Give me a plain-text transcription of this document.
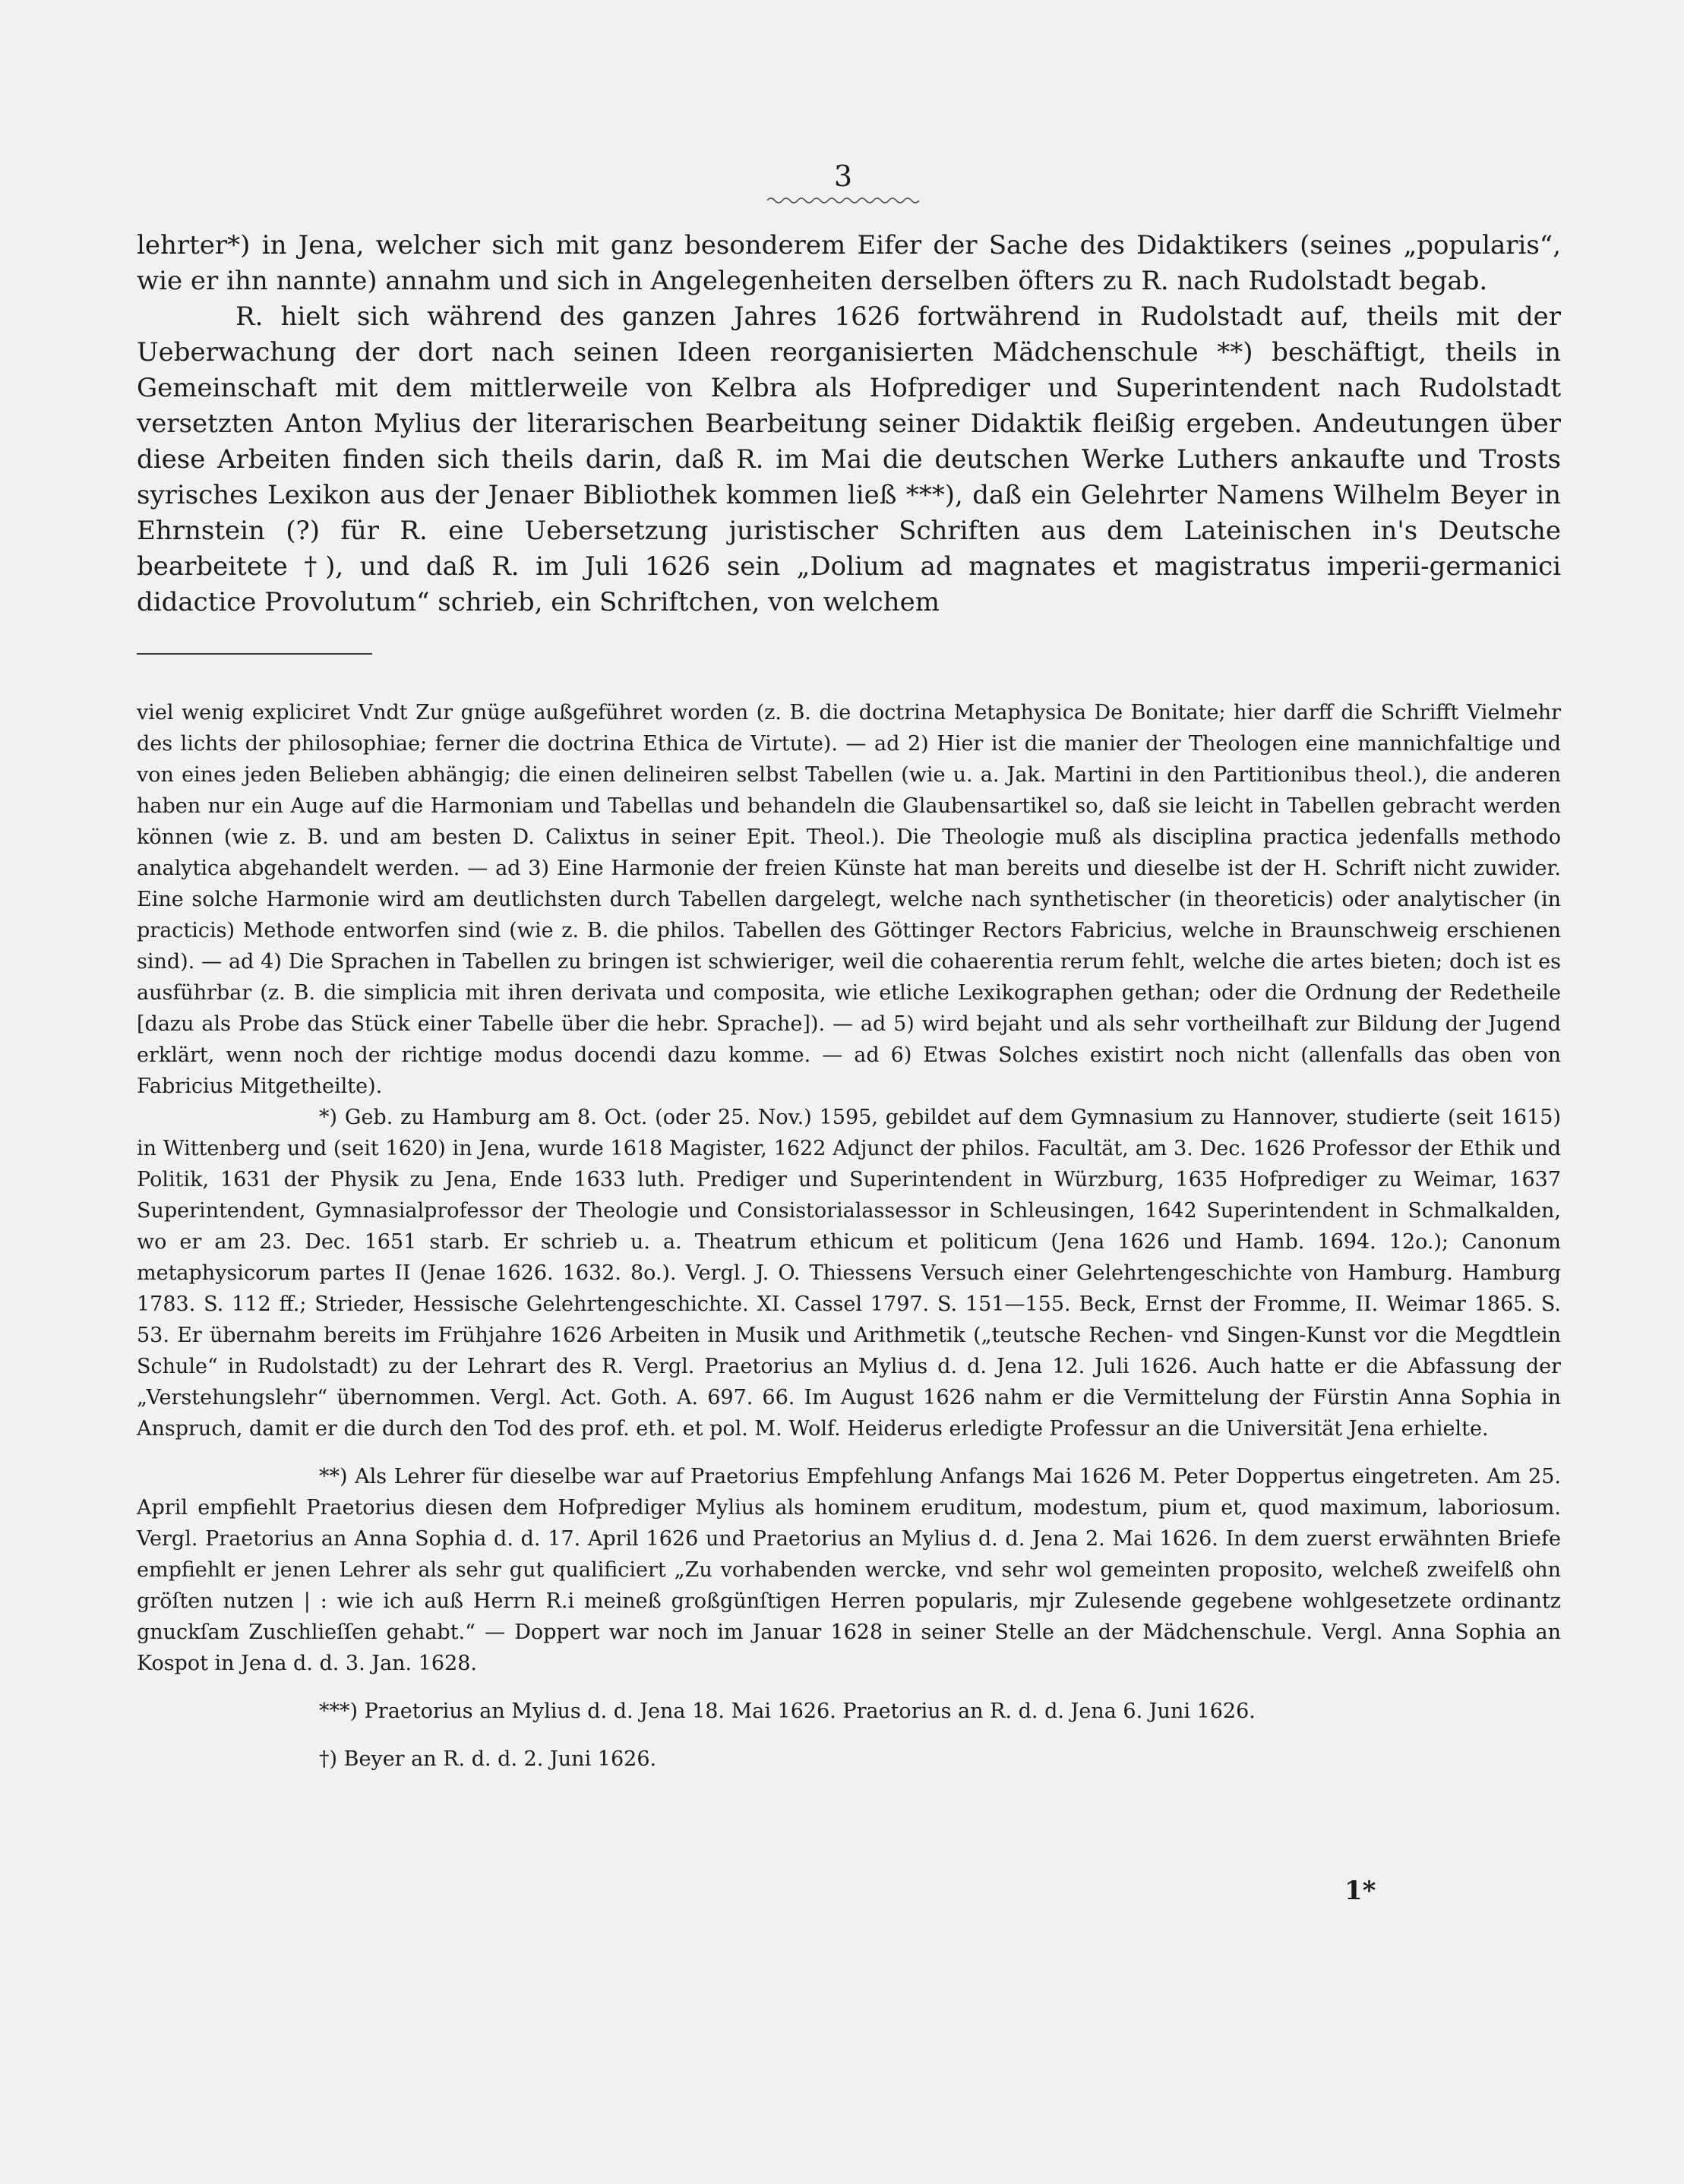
3

lehrter*) in Jena, welcher sich mit ganz besonderem Eifer der Sache des Didaktikers (seines „popularis“, wie er ihn nannte) annahm und sich in Angelegenheiten derselben öfters zu R. nach Rudolstadt begab.

R. hielt sich während des ganzen Jahres 1626 fortwährend in Rudolstadt auf, theils mit der Ueberwachung der dort nach seinen Ideen reorganisierten Mädchenschule **) beschäftigt, theils in Gemeinschaft mit dem mittlerweile von Kelbra als Hofprediger und Superintendent nach Rudolstadt versetzten Anton Mylius der literarischen Bearbeitung seiner Didaktik fleißig ergeben. Andeutungen über diese Arbeiten finden sich theils darin, daß R. im Mai die deutschen Werke Luthers ankaufte und Trosts syrisches Lexikon aus der Jenaer Bibliothek kommen ließ ***), daß ein Gelehrter Namens Wilhelm Beyer in Ehrnstein (?) für R. eine Uebersetzung juristischer Schriften aus dem Lateinischen in's Deutsche bearbeitete †), und daß R. im Juli 1626 sein „Dolium ad magnates et magistratus imperii-germanici didactice Provolutum“ schrieb, ein Schriftchen, von welchem

viel wenig expliciret Vndt Zur gnüge außgeführet worden (z. B. die doctrina Metaphysica De Bonitate; hier darff die Schrifft Vielmehr des lichts der philosophiae; ferner die doctrina Ethica de Virtute). — ad 2) Hier ist die manier der Theologen eine mannichfaltige und von eines jeden Belieben abhängig; die einen delineiren selbst Tabellen (wie u. a. Jak. Martini in den Partitionibus theol.), die anderen haben nur ein Auge auf die Harmoniam und Tabellas und behandeln die Glaubensartikel so, daß sie leicht in Tabellen gebracht werden können (wie z. B. und am besten D. Calixtus in seiner Epit. Theol.). Die Theologie muß als disciplina practica jedenfalls methodo analytica abgehandelt werden. — ad 3) Eine Harmonie der freien Künste hat man bereits und dieselbe ist der H. Schrift nicht zuwider. Eine solche Harmonie wird am deutlichsten durch Tabellen dargelegt, welche nach synthetischer (in theoreticis) oder analytischer (in practicis) Methode entworfen sind (wie z. B. die philos. Tabellen des Göttinger Rectors Fabricius, welche in Braunschweig erschienen sind). — ad 4) Die Sprachen in Tabellen zu bringen ist schwieriger, weil die cohaerentia rerum fehlt, welche die artes bieten; doch ist es ausführbar (z. B. die simplicia mit ihren derivata und composita, wie etliche Lexikographen gethan; oder die Ordnung der Redetheile [dazu als Probe das Stück einer Tabelle über die hebr. Sprache]). — ad 5) wird bejaht und als sehr vortheilhaft zur Bildung der Jugend erklärt, wenn noch der richtige modus docendi dazu komme. — ad 6) Etwas Solches existirt noch nicht (allenfalls das oben von Fabricius Mitgetheilte).

*) Geb. zu Hamburg am 8. Oct. (oder 25. Nov.) 1595, gebildet auf dem Gymnasium zu Hannover, studierte (seit 1615) in Wittenberg und (seit 1620) in Jena, wurde 1618 Magister, 1622 Adjunct der philos. Facultät, am 3. Dec. 1626 Professor der Ethik und Politik, 1631 der Physik zu Jena, Ende 1633 luth. Prediger und Superintendent in Würzburg, 1635 Hofprediger zu Weimar, 1637 Superintendent, Gymnasialprofessor der Theologie und Consistorialassessor in Schleusingen, 1642 Superintendent in Schmalkalden, wo er am 23. Dec. 1651 starb. Er schrieb u. a. Theatrum ethicum et politicum (Jena 1626 und Hamb. 1694. 12o.); Canonum metaphysicorum partes II (Jenae 1626. 1632. 8o.). Vergl. J. O. Thiessens Versuch einer Gelehrtengeschichte von Hamburg. Hamburg 1783. S. 112 ff.; Strieder, Hessische Gelehrtengeschichte. XI. Cassel 1797. S. 151—155. Beck, Ernst der Fromme, II. Weimar 1865. S. 53. Er übernahm bereits im Frühjahre 1626 Arbeiten in Musik und Arithmetik („teutsche Rechen- vnd Singen-Kunst vor die Megdtlein Schule“ in Rudolstadt) zu der Lehrart des R. Vergl. Praetorius an Mylius d. d. Jena 12. Juli 1626. Auch hatte er die Abfassung der „Verstehungslehr“ übernommen. Vergl. Act. Goth. A. 697. 66. Im August 1626 nahm er die Vermittelung der Fürstin Anna Sophia in Anspruch, damit er die durch den Tod des prof. eth. et pol. M. Wolf. Heiderus erledigte Professur an die Universität Jena erhielte.

**) Als Lehrer für dieselbe war auf Praetorius Empfehlung Anfangs Mai 1626 M. Peter Doppertus eingetreten. Am 25. April empfiehlt Praetorius diesen dem Hofprediger Mylius als hominem eruditum, modestum, pium et, quod maximum, laboriosum. Vergl. Praetorius an Anna Sophia d. d. 17. April 1626 und Praetorius an Mylius d. d. Jena 2. Mai 1626. In dem zuerst erwähnten Briefe empfiehlt er jenen Lehrer als sehr gut qualificiert „Zu vorhabenden wercke, vnd sehr wol gemeinten proposito, welcheß zweifelß ohn gröſten nutzen | : wie ich auß Herrn R.i meineß großgünſtigen Herren popularis, mjr Zulesende gegebene wohlgesetzete ordinantz gnuckſam Zuschlieſſen gehabt.“ — Doppert war noch im Januar 1628 in seiner Stelle an der Mädchenschule. Vergl. Anna Sophia an Kospot in Jena d. d. 3. Jan. 1628.

***) Praetorius an Mylius d. d. Jena 18. Mai 1626. Praetorius an R. d. d. Jena 6. Juni 1626.

†) Beyer an R. d. d. 2. Juni 1626.

1*
